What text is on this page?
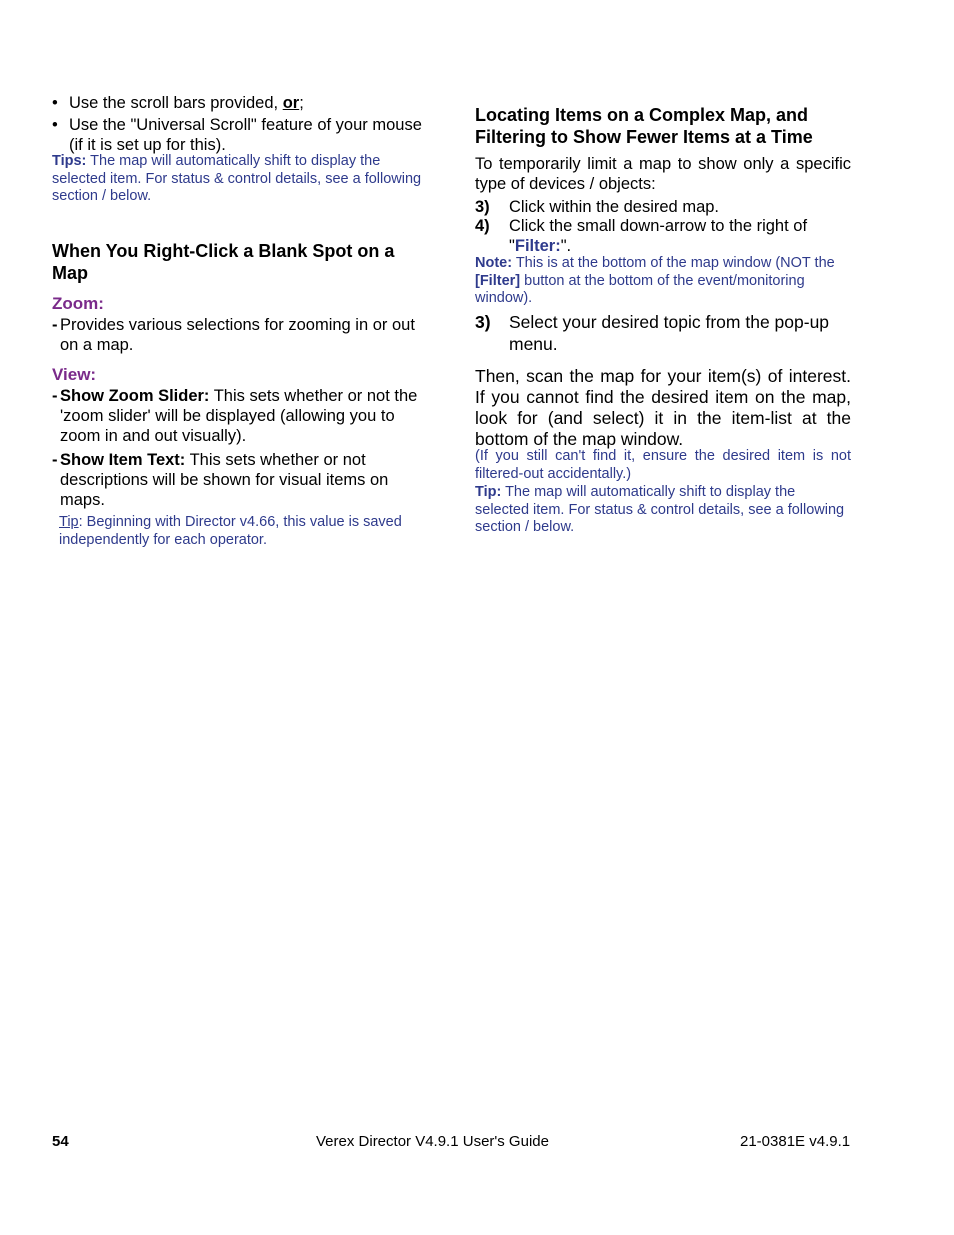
• Use the scroll bars provided, or;
• Use the "Universal Scroll" feature of your mouse (if it is set up for this).

Tips: The map will automatically shift to display the selected item. For status & control details, see a following section / below.

When You Right-Click a Blank Spot on a Map

Zoom:

- Provides various selections for zooming in or out on a map.

View:

- Show Zoom Slider: This sets whether or not the 'zoom slider' will be displayed (allowing you to zoom in and out visually).
- Show Item Text: This sets whether or not descriptions will be shown for visual items on maps.

Tip: Beginning with Director v4.66, this value is saved independently for each operator.

Locating Items on a Complex Map, and Filtering to Show Fewer Items at a Time

To temporarily limit a map to show only a specific type of devices / objects:

3) Click within the desired map.
4) Click the small down-arrow to the right of "Filter:".

Note: This is at the bottom of the map window (NOT the [Filter] button at the bottom of the event/monitoring window).

3) Select your desired topic from the pop-up menu.

Then, scan the map for your item(s) of interest. If you cannot find the desired item on the map, look for (and select) it in the item-list at the bottom of the map window.

(If you still can't find it, ensure the desired item is not filtered-out accidentally.)

Tip: The map will automatically shift to display the selected item. For status & control details, see a following section / below.

54	Verex Director V4.9.1 User's Guide	21-0381E v4.9.1
